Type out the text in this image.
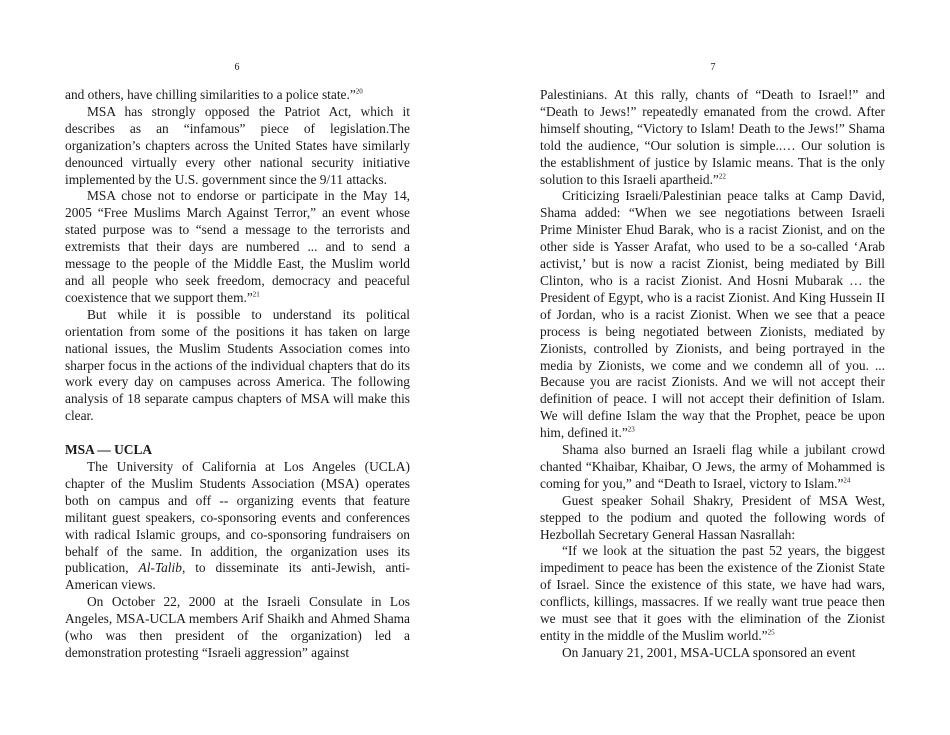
6

and others, have chilling similarities to a police state.”$^{20}$

MSA has strongly opposed the Patriot Act, which it describes as an “infamous” piece of legislation.The organization’s chapters across the United States have similarly denounced virtually every other national security initiative implemented by the U.S. government since the 9/11 attacks.

MSA chose not to endorse or participate in the May 14, 2005 “Free Muslims March Against Terror,” an event whose stated purpose was to “send a message to the terrorists and extremists that their days are numbered ... and to send a message to the people of the Middle East, the Muslim world and all people who seek freedom, democracy and peaceful coexistence that we support them.”$^{21}$

But while it is possible to understand its political orientation from some of the positions it has taken on large national issues, the Muslim Students Association comes into sharper focus in the actions of the individual chapters that do its work every day on campuses across America. The following analysis of 18 separate campus chapters of MSA will make this clear.

MSA — UCLA

The University of California at Los Angeles (UCLA) chapter of the Muslim Students Association (MSA) operates both on campus and off -- organizing events that feature militant guest speakers, co-sponsoring events and conferences with radical Islamic groups, and co-sponsoring fundraisers on behalf of the same. In addition, the organization uses its publication, Al-Talib, to disseminate its anti-Jewish, anti-American views.

On October 22, 2000 at the Israeli Consulate in Los Angeles, MSA-UCLA members Arif Shaikh and Ahmed Shama (who was then president of the organization) led a demonstration protesting “Israeli aggression” against

7

Palestinians. At this rally, chants of “Death to Israel!” and “Death to Jews!” repeatedly emanated from the crowd. After himself shouting, “Victory to Islam! Death to the Jews!” Shama told the audience, “Our solution is simple..… Our solution is the establishment of justice by Islamic means. That is the only solution to this Israeli apartheid.”$^{22}$

Criticizing Israeli/Palestinian peace talks at Camp David, Shama added: “When we see negotiations between Israeli Prime Minister Ehud Barak, who is a racist Zionist, and on the other side is Yasser Arafat, who used to be a so-called ‘Arab activist,’ but is now a racist Zionist, being mediated by Bill Clinton, who is a racist Zionist. And Hosni Mubarak … the President of Egypt, who is a racist Zionist. And King Hussein II of Jordan, who is a racist Zionist. When we see that a peace process is being negotiated between Zionists, mediated by Zionists, controlled by Zionists, and being portrayed in the media by Zionists, we come and we condemn all of you. ... Because you are racist Zionists. And we will not accept their definition of peace. I will not accept their definition of Islam. We will define Islam the way that the Prophet, peace be upon him, defined it.”$^{23}$

Shama also burned an Israeli flag while a jubilant crowd chanted “Khaibar, Khaibar, O Jews, the army of Mohammed is coming for you,” and “Death to Israel, victory to Islam.”$^{24}$

Guest speaker Sohail Shakry, President of MSA West, stepped to the podium and quoted the following words of Hezbollah Secretary General Hassan Nasrallah:

“If we look at the situation the past 52 years, the biggest impediment to peace has been the existence of the Zionist State of Israel. Since the existence of this state, we have had wars, conflicts, killings, massacres. If we really want true peace then we must see that it goes with the elimination of the Zionist entity in the middle of the Muslim world.”$^{25}$

On January 21, 2001, MSA-UCLA sponsored an event
